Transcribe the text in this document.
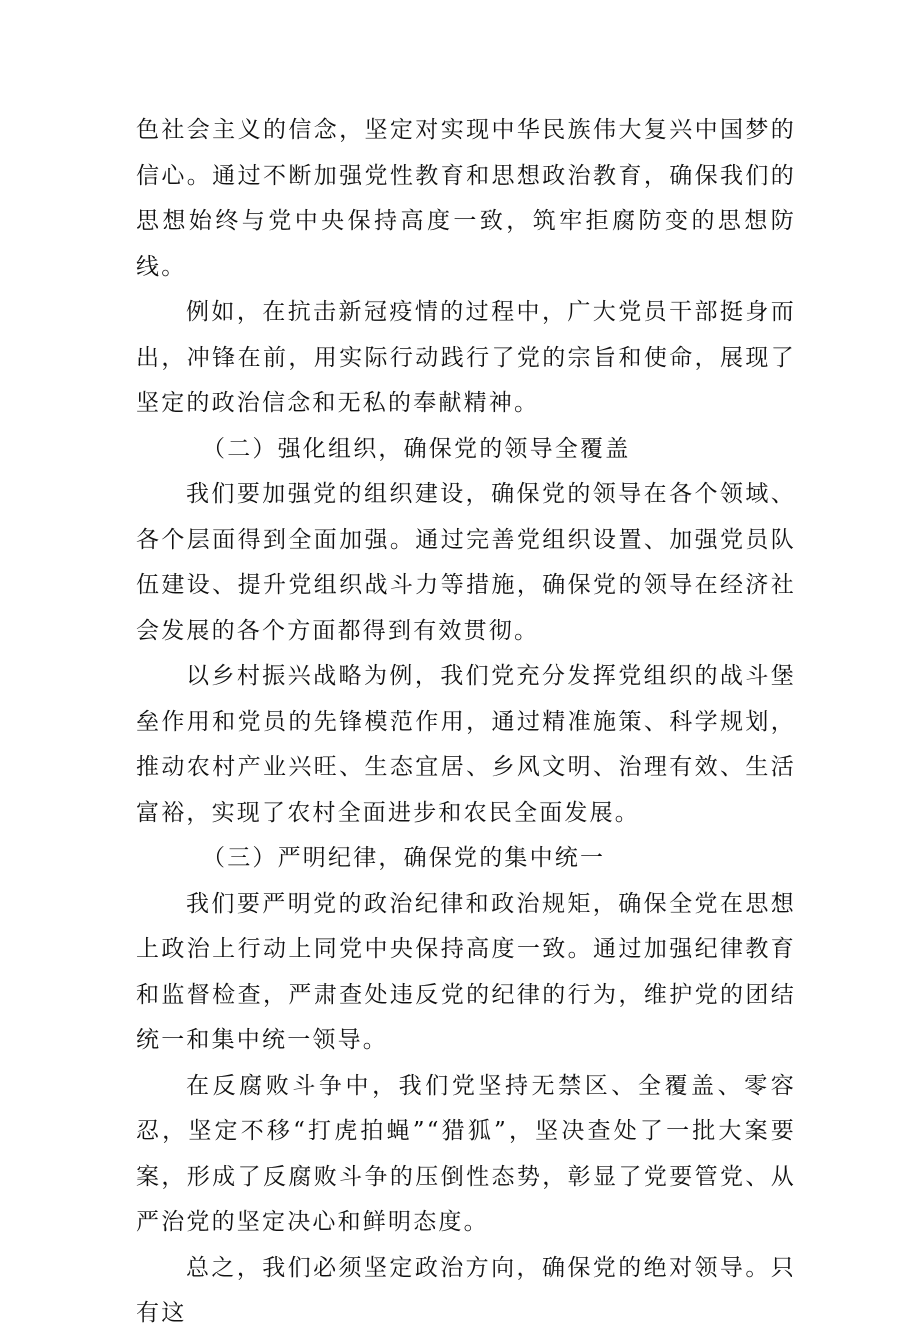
色社会主义的信念，坚定对实现中华民族伟大复兴中国梦的信心。通过不断加强党性教育和思想政治教育，确保我们的思想始终与党中央保持高度一致，筑牢拒腐防变的思想防线。

例如，在抗击新冠疫情的过程中，广大党员干部挺身而出，冲锋在前，用实际行动践行了党的宗旨和使命，展现了坚定的政治信念和无私的奉献精神。

（二）强化组织，确保党的领导全覆盖

我们要加强党的组织建设，确保党的领导在各个领域、各个层面得到全面加强。通过完善党组织设置、加强党员队伍建设、提升党组织战斗力等措施，确保党的领导在经济社会发展的各个方面都得到有效贯彻。

以乡村振兴战略为例，我们党充分发挥党组织的战斗堡垒作用和党员的先锋模范作用，通过精准施策、科学规划，推动农村产业兴旺、生态宜居、乡风文明、治理有效、生活富裕，实现了农村全面进步和农民全面发展。

（三）严明纪律，确保党的集中统一

我们要严明党的政治纪律和政治规矩，确保全党在思想上政治上行动上同党中央保持高度一致。通过加强纪律教育和监督检查，严肃查处违反党的纪律的行为，维护党的团结统一和集中统一领导。

在反腐败斗争中，我们党坚持无禁区、全覆盖、零容忍，坚定不移“打虎拍蝇”“猎狐”，坚决查处了一批大案要案，形成了反腐败斗争的压倒性态势，彰显了党要管党、从严治党的坚定决心和鲜明态度。

总之，我们必须坚定政治方向，确保党的绝对领导。只有这
